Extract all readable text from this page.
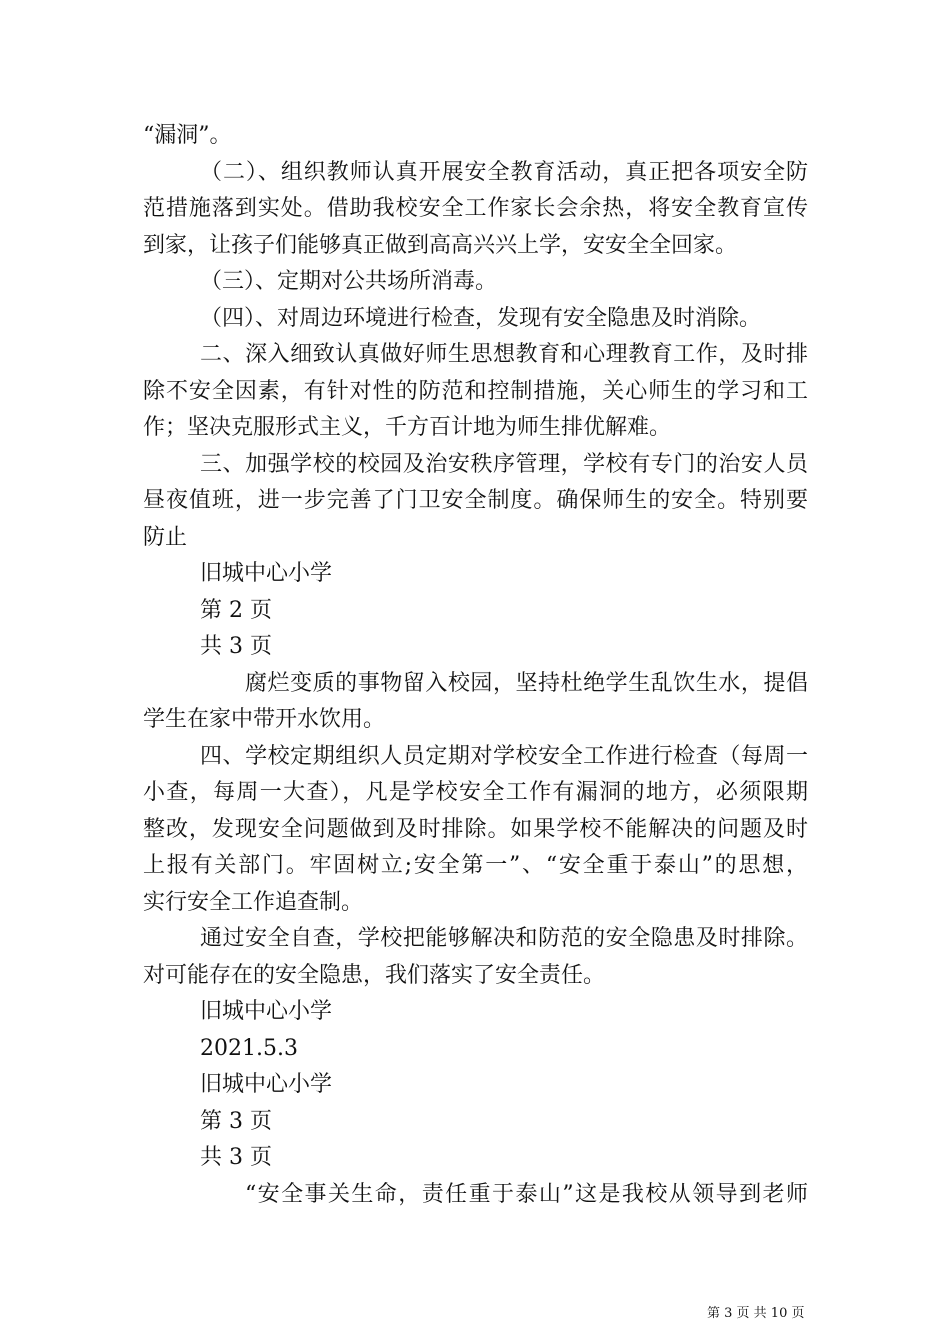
“漏洞”。
（二）、组织教师认真开展安全教育活动，真正把各项安全防
范措施落到实处。借助我校安全工作家长会余热，将安全教育宣传
到家，让孩子们能够真正做到高高兴兴上学，安安全全回家。
（三）、定期对公共场所消毒。
（四）、对周边环境进行检查，发现有安全隐患及时消除。
二、深入细致认真做好师生思想教育和心理教育工作，及时排
除不安全因素，有针对性的防范和控制措施，关心师生的学习和工
作；坚决克服形式主义，千方百计地为师生排优解难。
三、加强学校的校园及治安秩序管理，学校有专门的治安人员
昼夜值班，进一步完善了门卫安全制度。确保师生的安全。特别要
防止
旧城中心小学
第 2 页
共 3 页
腐烂变质的事物留入校园，坚持杜绝学生乱饮生水，提倡
学生在家中带开水饮用。
四、学校定期组织人员定期对学校安全工作进行检查（每周一
小查，每周一大查），凡是学校安全工作有漏洞的地方，必须限期
整改，发现安全问题做到及时排除。如果学校不能解决的问题及时
上报有关部门。牢固树立;安全第一”、“安全重于泰山”的思想，
实行安全工作追查制。
通过安全自查，学校把能够解决和防范的安全隐患及时排除。
对可能存在的安全隐患，我们落实了安全责任。
旧城中心小学
2021.5.3
旧城中心小学
第 3 页
共 3 页
“安全事关生命，责任重于泰山”这是我校从领导到老师
第 3 页 共 10 页
